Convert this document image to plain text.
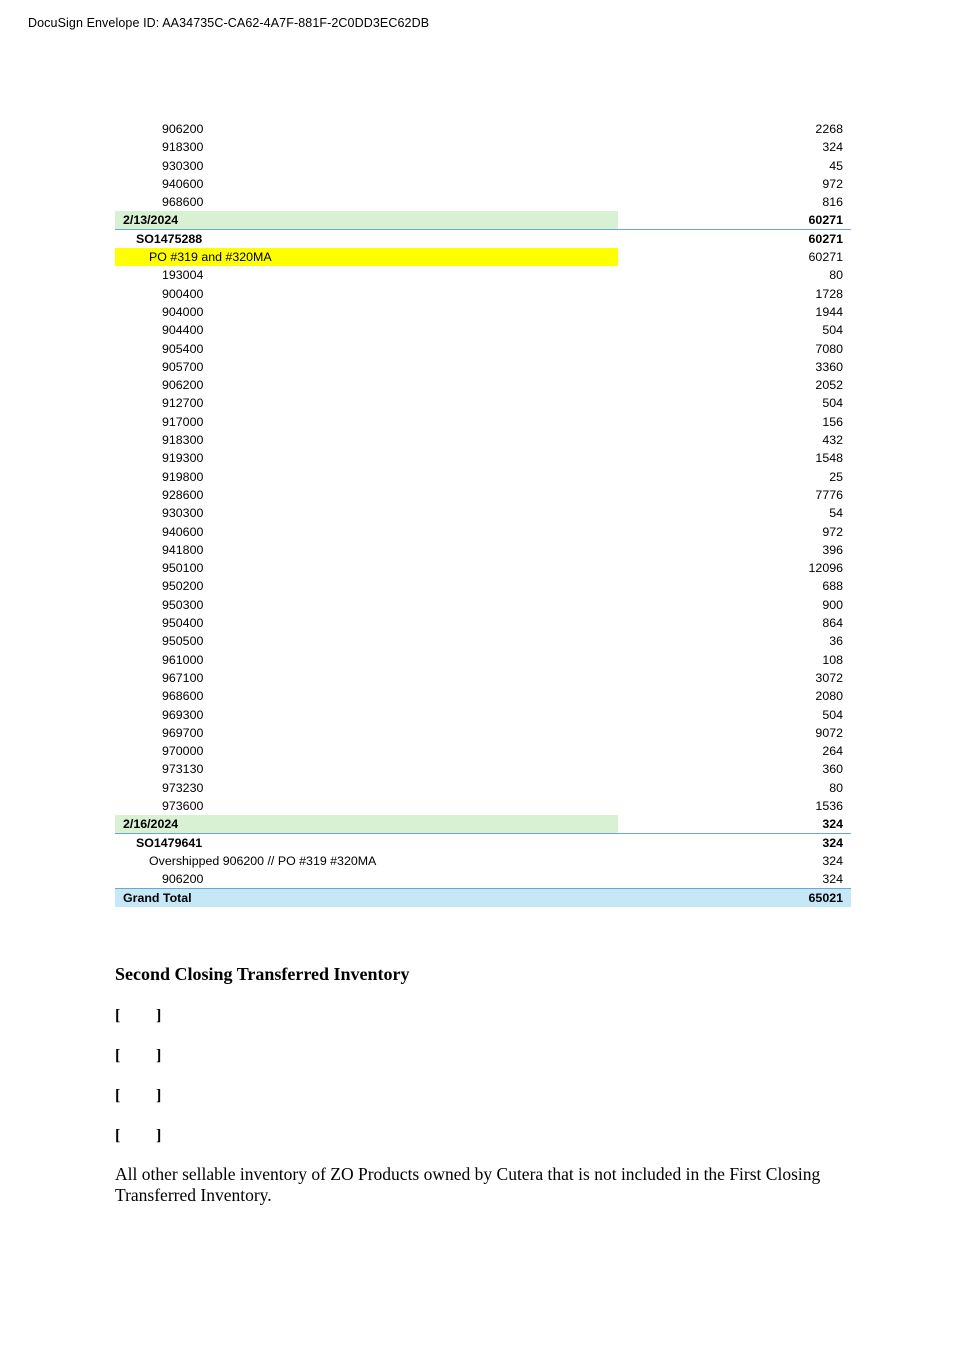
DocuSign Envelope ID: AA34735C-CA62-4A7F-881F-2C0DD3EC62DB
906200	2268
918300	324
930300	45
940600	972
968600	816
2/13/2024	60271
SO1475288	60271
PO #319 and #320MA	60271
193004	80
900400	1728
904000	1944
904400	504
905400	7080
905700	3360
906200	2052
912700	504
917000	156
918300	432
919300	1548
919800	25
928600	7776
930300	54
940600	972
941800	396
950100	12096
950200	688
950300	900
950400	864
950500	36
961000	108
967100	3072
968600	2080
969300	504
969700	9072
970000	264
973130	360
973230	80
973600	1536
2/16/2024	324
SO1479641	324
Overshipped 906200 // PO #319 #320MA	324
906200	324
Grand Total	65021
Second Closing Transferred Inventory
[ ]
[ ]
[ ]
[ ]
All other sellable inventory of ZO Products owned by Cutera that is not included in the First Closing Transferred Inventory.
